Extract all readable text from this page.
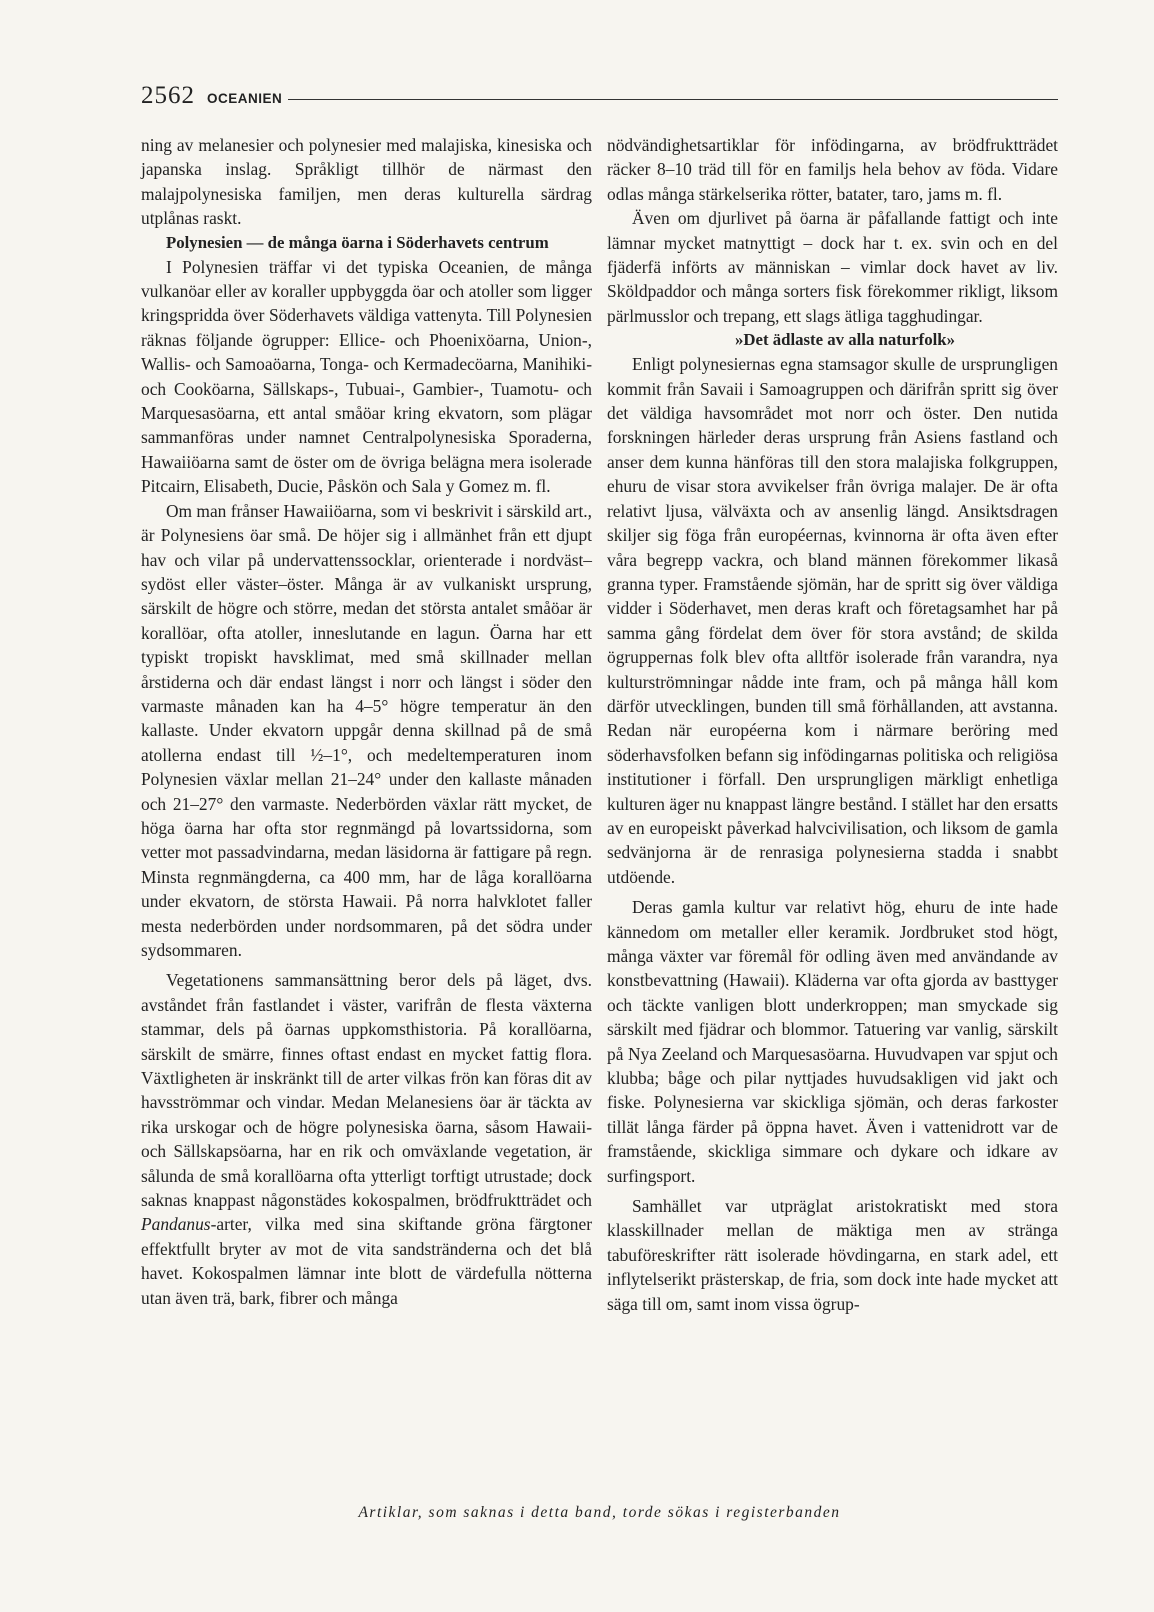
2562 OCEANIEN

ning av melanesier och polynesier med malajiska, kinesiska och japanska inslag. Språkligt tillhör de närmast den malajpolynesiska familjen, men deras kulturella särdrag utplånas raskt.

Polynesien — de många öarna i Söderhavets centrum

I Polynesien träffar vi det typiska Oceanien, de många vulkanöar eller av koraller uppbyggda öar och atoller som ligger kringspridda över Söderhavets väldiga vattenyta. Till Polynesien räknas följande ögrupper: Ellice- och Phoenixöarna, Union-, Wallis- och Samoaöarna, Tonga- och Kermadecöarna, Manihiki- och Cooköarna, Sällskaps-, Tubuai-, Gambier-, Tuamotu- och Marquesasöarna, ett antal småöar kring ekvatorn, som plägar sammanföras under namnet Centralpolynesiska Sporaderna, Hawaiiöarna samt de öster om de övriga belägna mera isolerade Pitcairn, Elisabeth, Ducie, Påskön och Sala y Gomez m. fl.

Om man frånser Hawaiiöarna, som vi beskrivit i särskild art., är Polynesiens öar små. De höjer sig i allmänhet från ett djupt hav och vilar på undervattenssocklar, orienterade i nordväst–sydöst eller väster–öster. Många är av vulkaniskt ursprung, särskilt de högre och större, medan det största antalet småöar är korallöar, ofta atoller, inneslutande en lagun. Öarna har ett typiskt tropiskt havsklimat, med små skillnader mellan årstiderna och där endast längst i norr och längst i söder den varmaste månaden kan ha 4–5° högre temperatur än den kallaste. Under ekvatorn uppgår denna skillnad på de små atollerna endast till ½–1°, och medeltemperaturen inom Polynesien växlar mellan 21–24° under den kallaste månaden och 21–27° den varmaste. Nederbörden växlar rätt mycket, de höga öarna har ofta stor regnmängd på lovartssidorna, som vetter mot passadvindarna, medan läsidorna är fattigare på regn. Minsta regnmängderna, ca 400 mm, har de låga korallöarna under ekvatorn, de största Hawaii. På norra halvklotet faller mesta nederbörden under nordsommaren, på det södra under sydsommaren.

Vegetationens sammansättning beror dels på läget, dvs. avståndet från fastlandet i väster, varifrån de flesta växterna stammar, dels på öarnas uppkomsthistoria. På korallöarna, särskilt de smärre, finnes oftast endast en mycket fattig flora. Växtligheten är inskränkt till de arter vilkas frön kan föras dit av havsströmmar och vindar. Medan Melanesiens öar är täckta av rika urskogar och de högre polynesiska öarna, såsom Hawaii- och Sällskapsöarna, har en rik och omväxlande vegetation, är sålunda de små korallöarna ofta ytterligt torftigt utrustade; dock saknas knappast någonstädes kokospalmen, brödfruktträdet och Pandanus-arter, vilka med sina skiftande gröna färgtoner effektfullt bryter av mot de vita sandstränderna och det blå havet. Kokospalmen lämnar inte blott de värdefulla nötterna utan även trä, bark, fibrer och många

nödvändighetsartiklar för infödingarna, av brödfruktträdet räcker 8–10 träd till för en familjs hela behov av föda. Vidare odlas många stärkelserika rötter, batater, taro, jams m. fl.

Även om djurlivet på öarna är påfallande fattigt och inte lämnar mycket matnyttigt – dock har t. ex. svin och en del fjäderfä införts av människan – vimlar dock havet av liv. Sköldpaddor och många sorters fisk förekommer rikligt, liksom pärlmusslor och trepang, ett slags ätliga tagghudingar.

»Det ädlaste av alla naturfolk»

Enligt polynesiernas egna stamsagor skulle de ursprungligen kommit från Savaii i Samoagruppen och därifrån spritt sig över det väldiga havsområdet mot norr och öster. Den nutida forskningen härleder deras ursprung från Asiens fastland och anser dem kunna hänföras till den stora malajiska folkgruppen, ehuru de visar stora avvikelser från övriga malajer. De är ofta relativt ljusa, välväxta och av ansenlig längd. Ansiktsdragen skiljer sig föga från européernas, kvinnorna är ofta även efter våra begrepp vackra, och bland männen förekommer likaså granna typer. Framstående sjömän, har de spritt sig över väldiga vidder i Söderhavet, men deras kraft och företagsamhet har på samma gång fördelat dem över för stora avstånd; de skilda ögruppernas folk blev ofta alltför isolerade från varandra, nya kulturströmningar nådde inte fram, och på många håll kom därför utvecklingen, bunden till små förhållanden, att avstanna. Redan när européerna kom i närmare beröring med söderhavsfolken befann sig infödingarnas politiska och religiösa institutioner i förfall. Den ursprungligen märkligt enhetliga kulturen äger nu knappast längre bestånd. I stället har den ersatts av en europeiskt påverkad halvcivilisation, och liksom de gamla sedvänjorna är de renrasiga polynesierna stadda i snabbt utdöende.

Deras gamla kultur var relativt hög, ehuru de inte hade kännedom om metaller eller keramik. Jordbruket stod högt, många växter var föremål för odling även med användande av konstbevattning (Hawaii). Kläderna var ofta gjorda av basttyger och täckte vanligen blott underkroppen; man smyckade sig särskilt med fjädrar och blommor. Tatuering var vanlig, särskilt på Nya Zeeland och Marquesasöarna. Huvudvapen var spjut och klubba; båge och pilar nyttjades huvudsakligen vid jakt och fiske. Polynesierna var skickliga sjömän, och deras farkoster tillät långa färder på öppna havet. Även i vattenidrott var de framstående, skickliga simmare och dykare och idkare av surfingsport.

Samhället var utpräglat aristokratiskt med stora klasskillnader mellan de mäktiga men av stränga tabuföreskrifter rätt isolerade hövdingarna, en stark adel, ett inflytelserikt prästerskap, de fria, som dock inte hade mycket att säga till om, samt inom vissa ögrup-

Artiklar, som saknas i detta band, torde sökas i registerbanden
